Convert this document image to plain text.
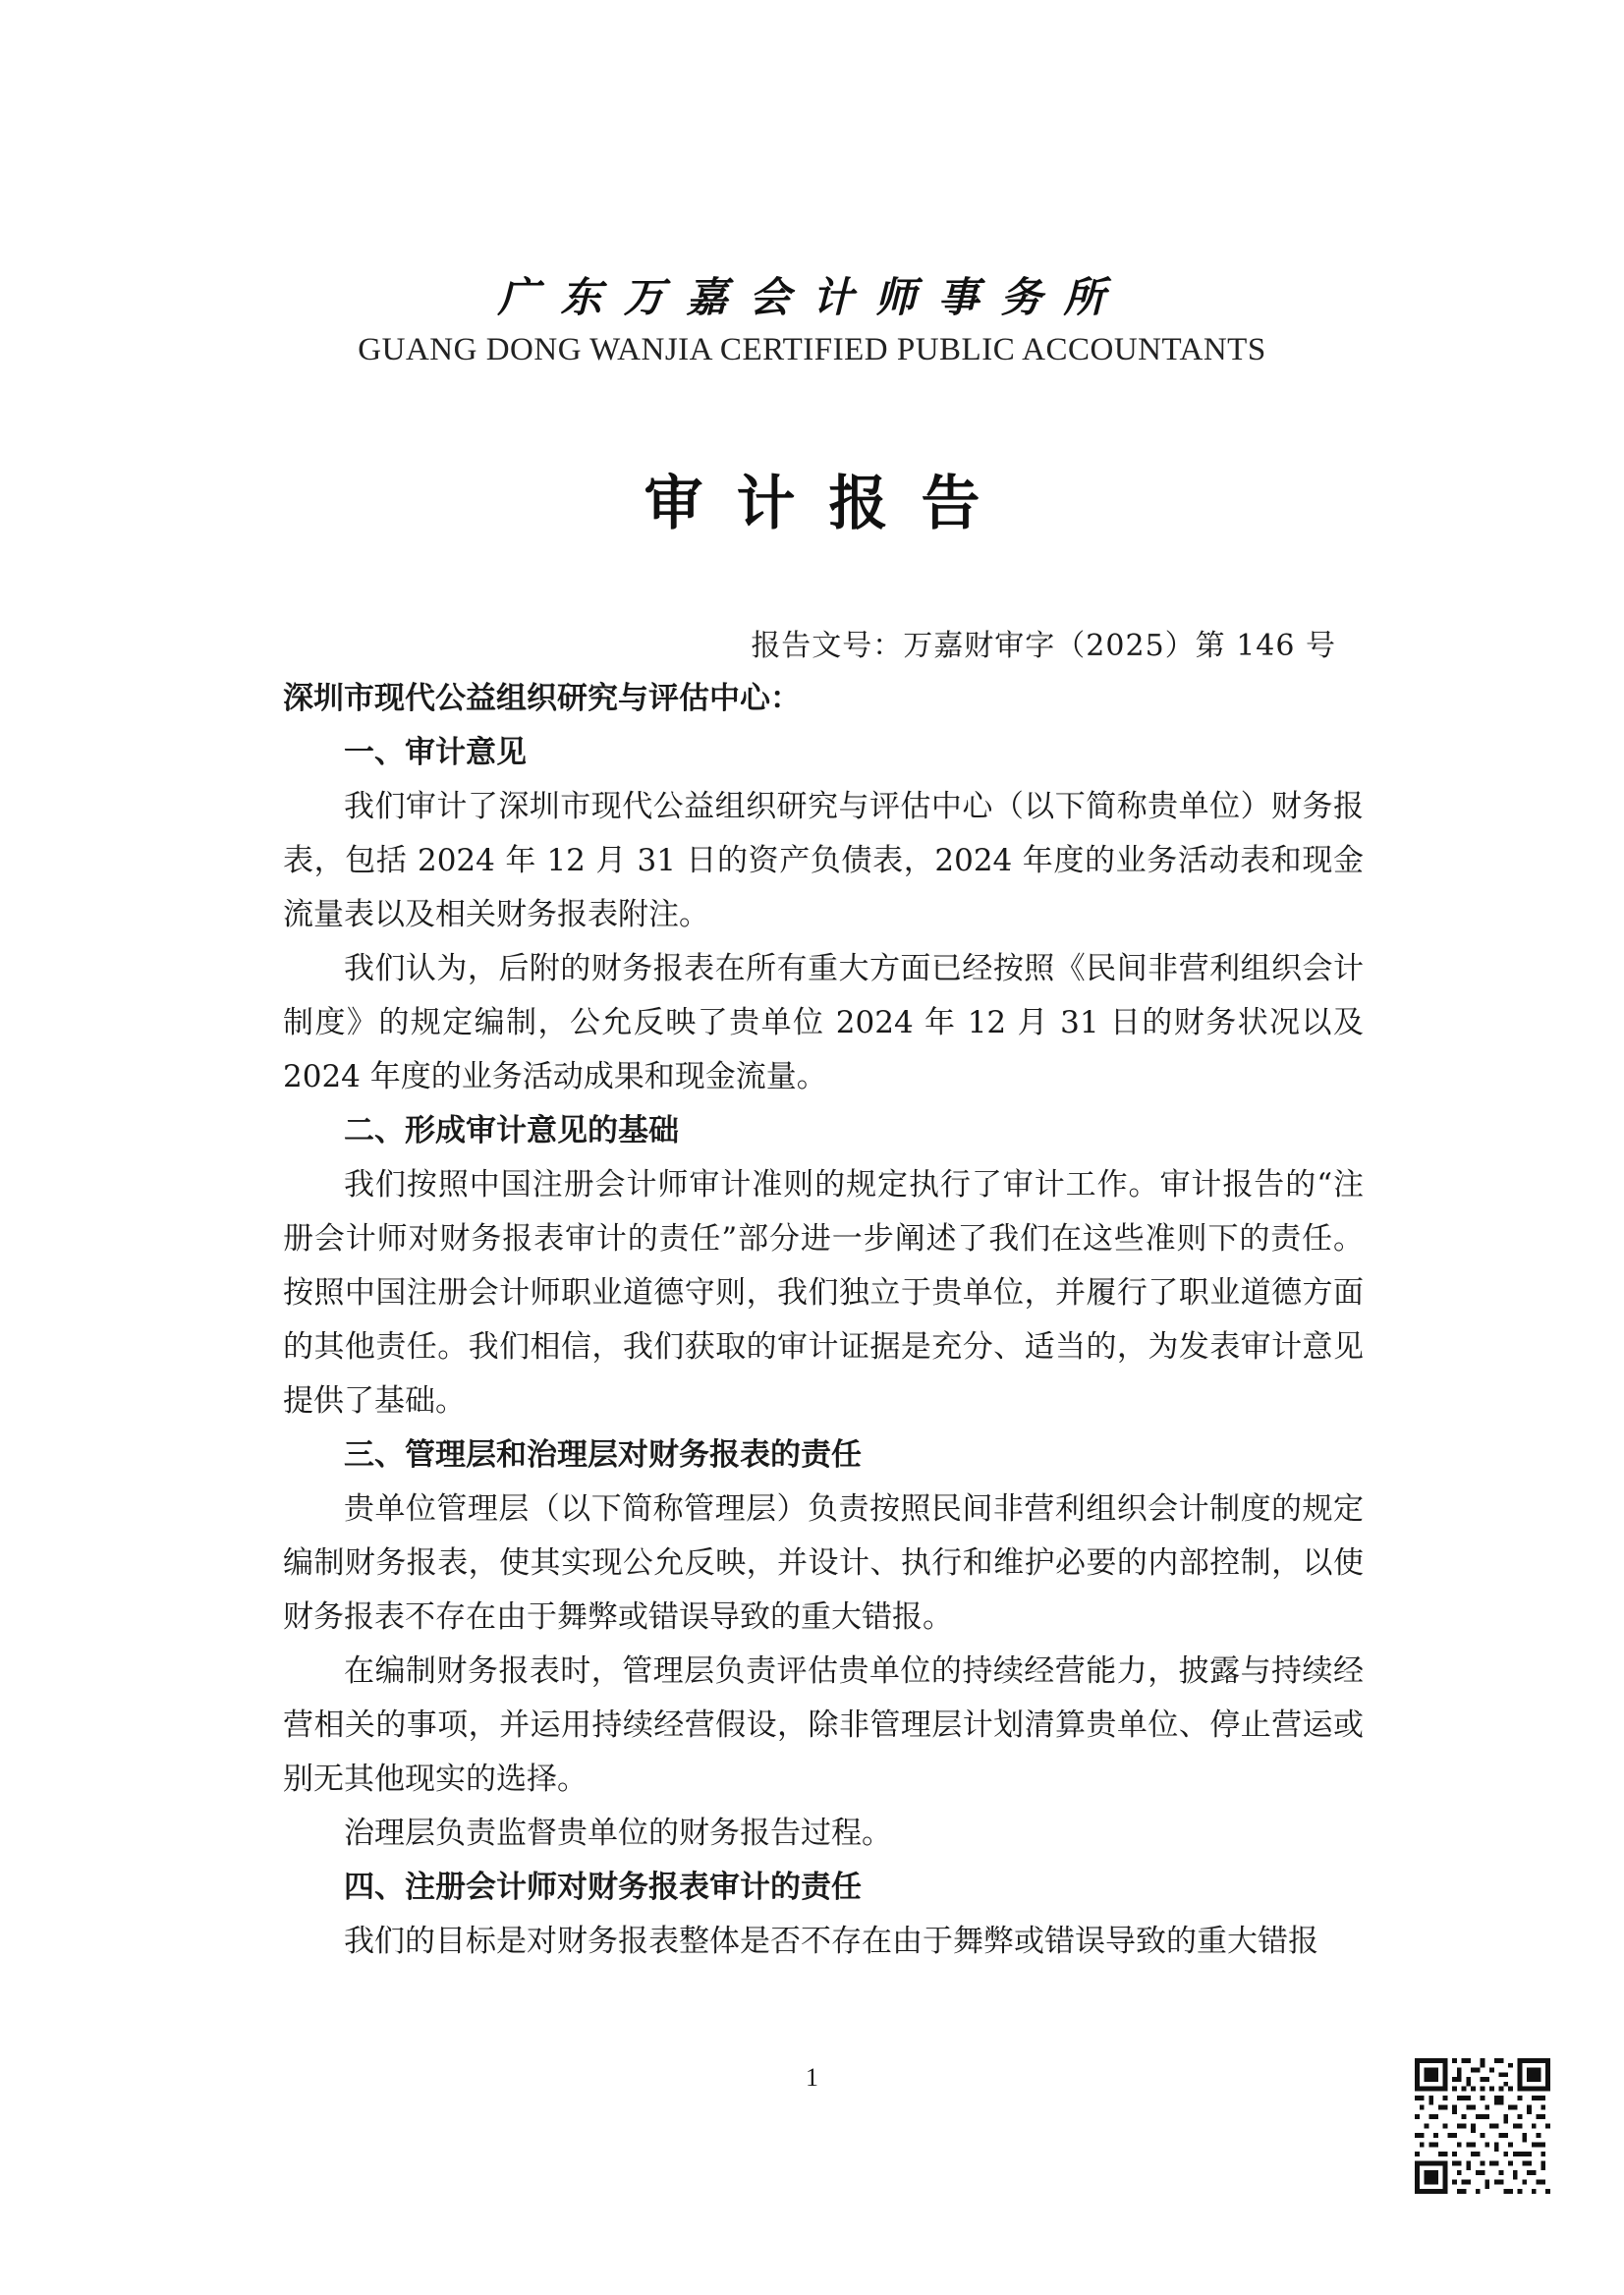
广东万嘉会计师事务所
GUANG DONG WANJIA CERTIFIED PUBLIC ACCOUNTANTS
审计报告
报告文号：万嘉财审字（2025）第 146 号

深圳市现代公益组织研究与评估中心：

一、审计意见

我们审计了深圳市现代公益组织研究与评估中心（以下简称贵单位）财务报表，包括 2024 年 12 月 31 日的资产负债表，2024 年度的业务活动表和现金流量表以及相关财务报表附注。

我们认为，后附的财务报表在所有重大方面已经按照《民间非营利组织会计制度》的规定编制，公允反映了贵单位 2024 年 12 月 31 日的财务状况以及 2024 年度的业务活动成果和现金流量。

二、形成审计意见的基础

我们按照中国注册会计师审计准则的规定执行了审计工作。审计报告的“注册会计师对财务报表审计的责任”部分进一步阐述了我们在这些准则下的责任。按照中国注册会计师职业道德守则，我们独立于贵单位，并履行了职业道德方面的其他责任。我们相信，我们获取的审计证据是充分、适当的，为发表审计意见提供了基础。

三、管理层和治理层对财务报表的责任

贵单位管理层（以下简称管理层）负责按照民间非营利组织会计制度的规定编制财务报表，使其实现公允反映，并设计、执行和维护必要的内部控制，以使财务报表不存在由于舞弊或错误导致的重大错报。

在编制财务报表时，管理层负责评估贵单位的持续经营能力，披露与持续经营相关的事项，并运用持续经营假设，除非管理层计划清算贵单位、停止营运或别无其他现实的选择。

治理层负责监督贵单位的财务报告过程。

四、注册会计师对财务报表审计的责任

我们的目标是对财务报表整体是否不存在由于舞弊或错误导致的重大错报

1
